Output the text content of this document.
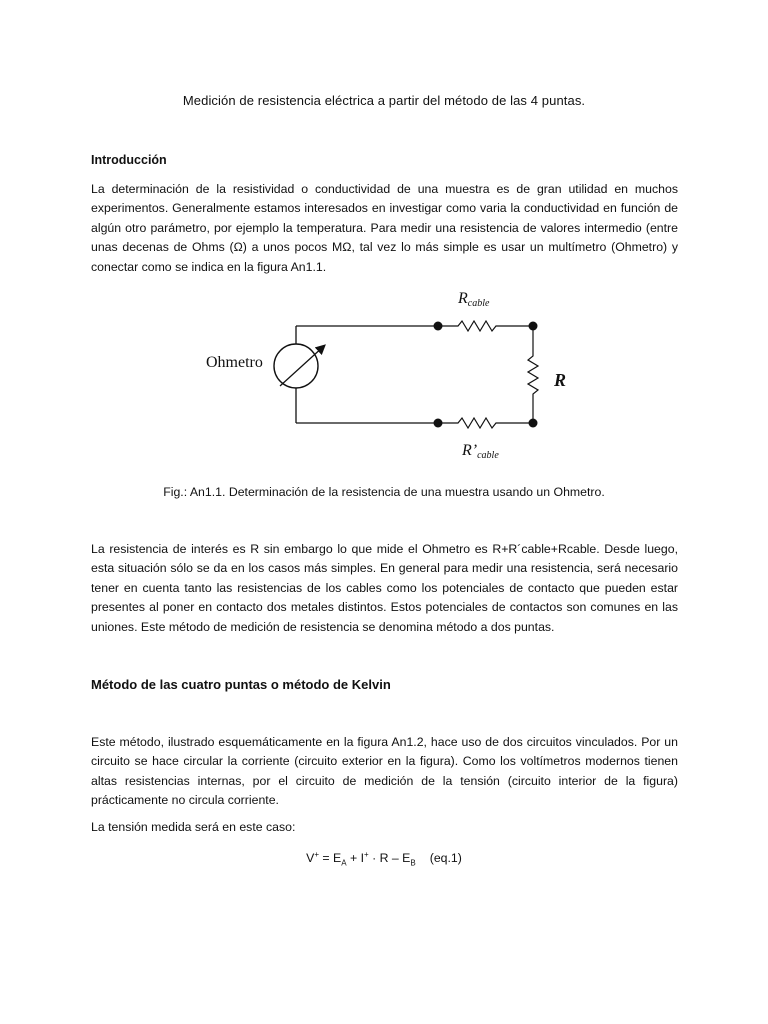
Medición de resistencia eléctrica a partir del método de las 4 puntas.
Introducción
La determinación de la resistividad o conductividad de una muestra es de gran utilidad en muchos experimentos. Generalmente estamos interesados en investigar como varia la conductividad en función de algún otro parámetro, por ejemplo la temperatura. Para medir una resistencia de valores intermedio (entre unas decenas de Ohms (Ω) a unos pocos MΩ, tal vez lo más simple es usar un multímetro (Ohmetro) y conectar como se indica en la figura An1.1.
Ohmetro
Rcable
R’cable
R
Fig.: An1.1. Determinación de la resistencia de una muestra usando un Ohmetro.
La resistencia de interés es R sin embargo lo que mide el Ohmetro es R+R´cable+Rcable. Desde luego, esta situación sólo se da en los casos más simples. En general para medir una resistencia, será necesario tener en cuenta tanto las resistencias de los cables como los potenciales de contacto que pueden estar presentes al poner en contacto dos metales distintos. Estos potenciales de contactos son comunes en las uniones. Este método de medición de resistencia se denomina método a dos puntas.
Método de las cuatro puntas o método de Kelvin
Este método, ilustrado esquemáticamente en la figura An1.2, hace uso de dos circuitos vinculados. Por un circuito se hace circular la corriente (circuito exterior en la figura). Como los voltímetros modernos tienen altas resistencias internas, por el circuito de medición de la tensión (circuito interior de la figura) prácticamente no circula corriente.
La tensión medida será en este caso:
$V^+ = E_A + I^+ \cdot R - E_B$ (eq.1)
